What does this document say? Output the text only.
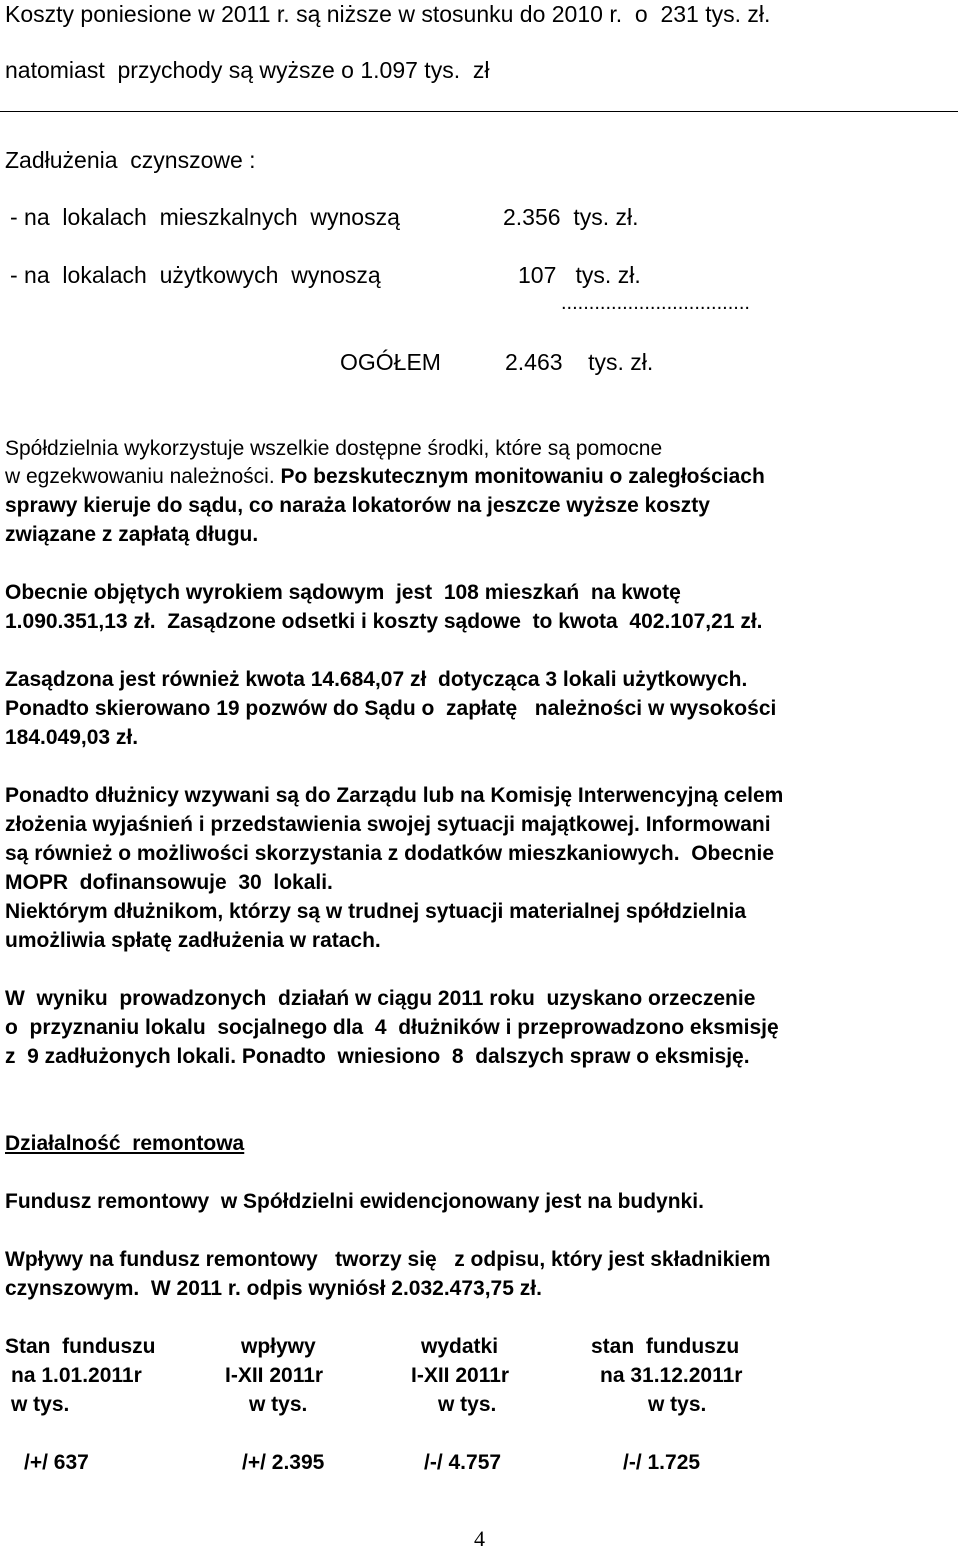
Koszty poniesione w 2011 r. są niższe w stosunku do 2010 r.  o  231 tys. zł.
natomiast  przychody są wyższe o 1.097 tys.  zł
Zadłużenia  czynszowe :
- na  lokalach  mieszkalnych  wynoszą	2.356  tys. zł.
- na  lokalach  użytkowych  wynoszą	107   tys. zł.
..................................
OGÓŁEM	2.463    tys. zł.
Spółdzielnia wykorzystuje wszelkie dostępne środki, które są pomocne
w egzekwowaniu należności. Po bezskutecznym monitowaniu o zaległościach
sprawy kieruje do sądu, co naraża lokatorów na jeszcze wyższe koszty
związane z zapłatą długu.
Obecnie objętych wyrokiem sądowym  jest  108 mieszkań  na kwotę
1.090.351,13 zł.  Zasądzone odsetki i koszty sądowe  to kwota  402.107,21 zł.
Zasądzona jest również kwota 14.684,07 zł  dotycząca 3 lokali użytkowych.
Ponadto skierowano 19 pozwów do Sądu o  zapłatę   należności w wysokości
184.049,03 zł.
Ponadto dłużnicy wzywani są do Zarządu lub na Komisję Interwencyjną celem
złożenia wyjaśnień i przedstawienia swojej sytuacji majątkowej. Informowani
są również o możliwości skorzystania z dodatków mieszkaniowych.  Obecnie
MOPR  dofinansowuje  30  lokali.
Niektórym dłużnikom, którzy są w trudnej sytuacji materialnej spółdzielnia
umożliwia spłatę zadłużenia w ratach.
W  wyniku  prowadzonych  działań w ciągu 2011 roku  uzyskano orzeczenie
o  przyznaniu lokalu  socjalnego dla  4  dłużników i przeprowadzono eksmisję
z  9 zadłużonych lokali. Ponadto  wniesiono  8  dalszych spraw o eksmisję.
Działalność  remontowa
Fundusz remontowy  w Spółdzielni ewidencjonowany jest na budynki.
Wpływy na fundusz remontowy   tworzy się   z odpisu, który jest składnikiem
czynszowym.  W 2011 r. odpis wyniósł 2.032.473,75 zł.
Stan  funduszu	wpływy	wydatki	stan  funduszu
na 1.01.2011r	I-XII 2011r	I-XII 2011r	na 31.12.2011r
w tys.	w tys.	w tys.	w tys.
/+/ 637	/+/ 2.395	/-/ 4.757	/-/ 1.725
4
